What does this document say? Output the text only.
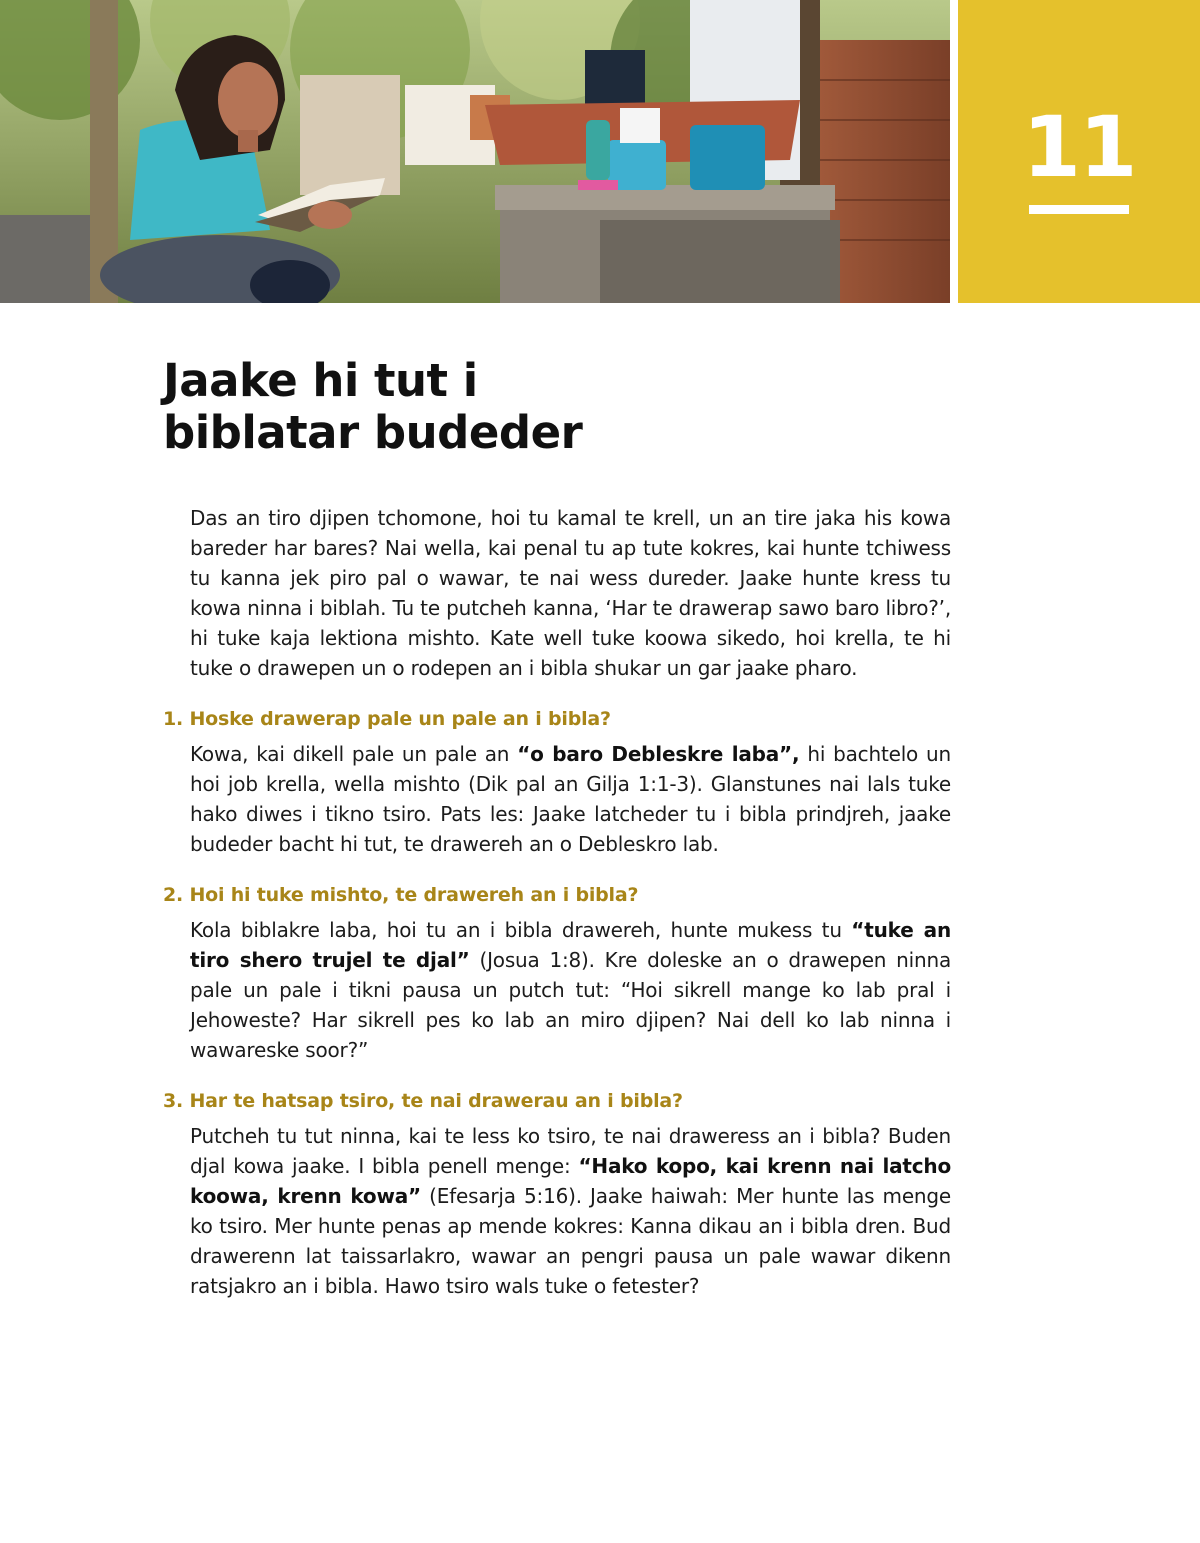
11
Jaake hi tut i
biblatar budeder

Das an tiro djipen tchomone, hoi tu kamal te krell, un an tire jaka his kowa bareder har bares? Nai wella, kai penal tu ap tute kokres, kai hunte tchiwess tu kanna jek piro pal o wawar, te nai wess dureder. Jaake hunte kress tu kowa ninna i biblah. Tu te putcheh kanna, ‘Har te drawerap sawo baro libro?’, hi tuke kaja lektiona mishto. Kate well tuke koowa sikedo, hoi krella, te hi tuke o drawepen un o rodepen an i bibla shukar un gar jaake pharo.

1. Hoske drawerap pale un pale an i bibla?

Kowa, kai dikell pale un pale an “o baro Debleskre laba”, hi bachtelo un hoi job krella, wella mishto (Dik pal an Gilja 1:1-3). Glanstunes nai lals tuke hako diwes i tikno tsiro. Pats les: Jaake latcheder tu i bibla prindjreh, jaake budeder bacht hi tut, te drawereh an o Debleskro lab.

2. Hoi hi tuke mishto, te drawereh an i bibla?

Kola biblakre laba, hoi tu an i bibla drawereh, hunte mukess tu “tuke an tiro shero trujel te djal” (Josua 1:8). Kre doleske an o drawepen ninna pale un pale i tikni pausa un putch tut: “Hoi sikrell mange ko lab pral i Jehoweste? Har sikrell pes ko lab an miro djipen? Nai dell ko lab ninna i wawareske soor?”

3. Har te hatsap tsiro, te nai drawerau an i bibla?

Putcheh tu tut ninna, kai te less ko tsiro, te nai draweress an i bibla? Buden djal kowa jaake. I bibla penell menge: “Hako kopo, kai krenn nai latcho koowa, krenn kowa” (Efesarja 5:16). Jaake haiwah: Mer hunte las menge ko tsiro. Mer hunte penas ap mende kokres: Kanna dikau an i bibla dren. Bud drawerenn lat taissarlakro, wawar an pengri pausa un pale wawar dikenn ratsjakro an i bibla. Hawo tsiro wals tuke o fetester?
